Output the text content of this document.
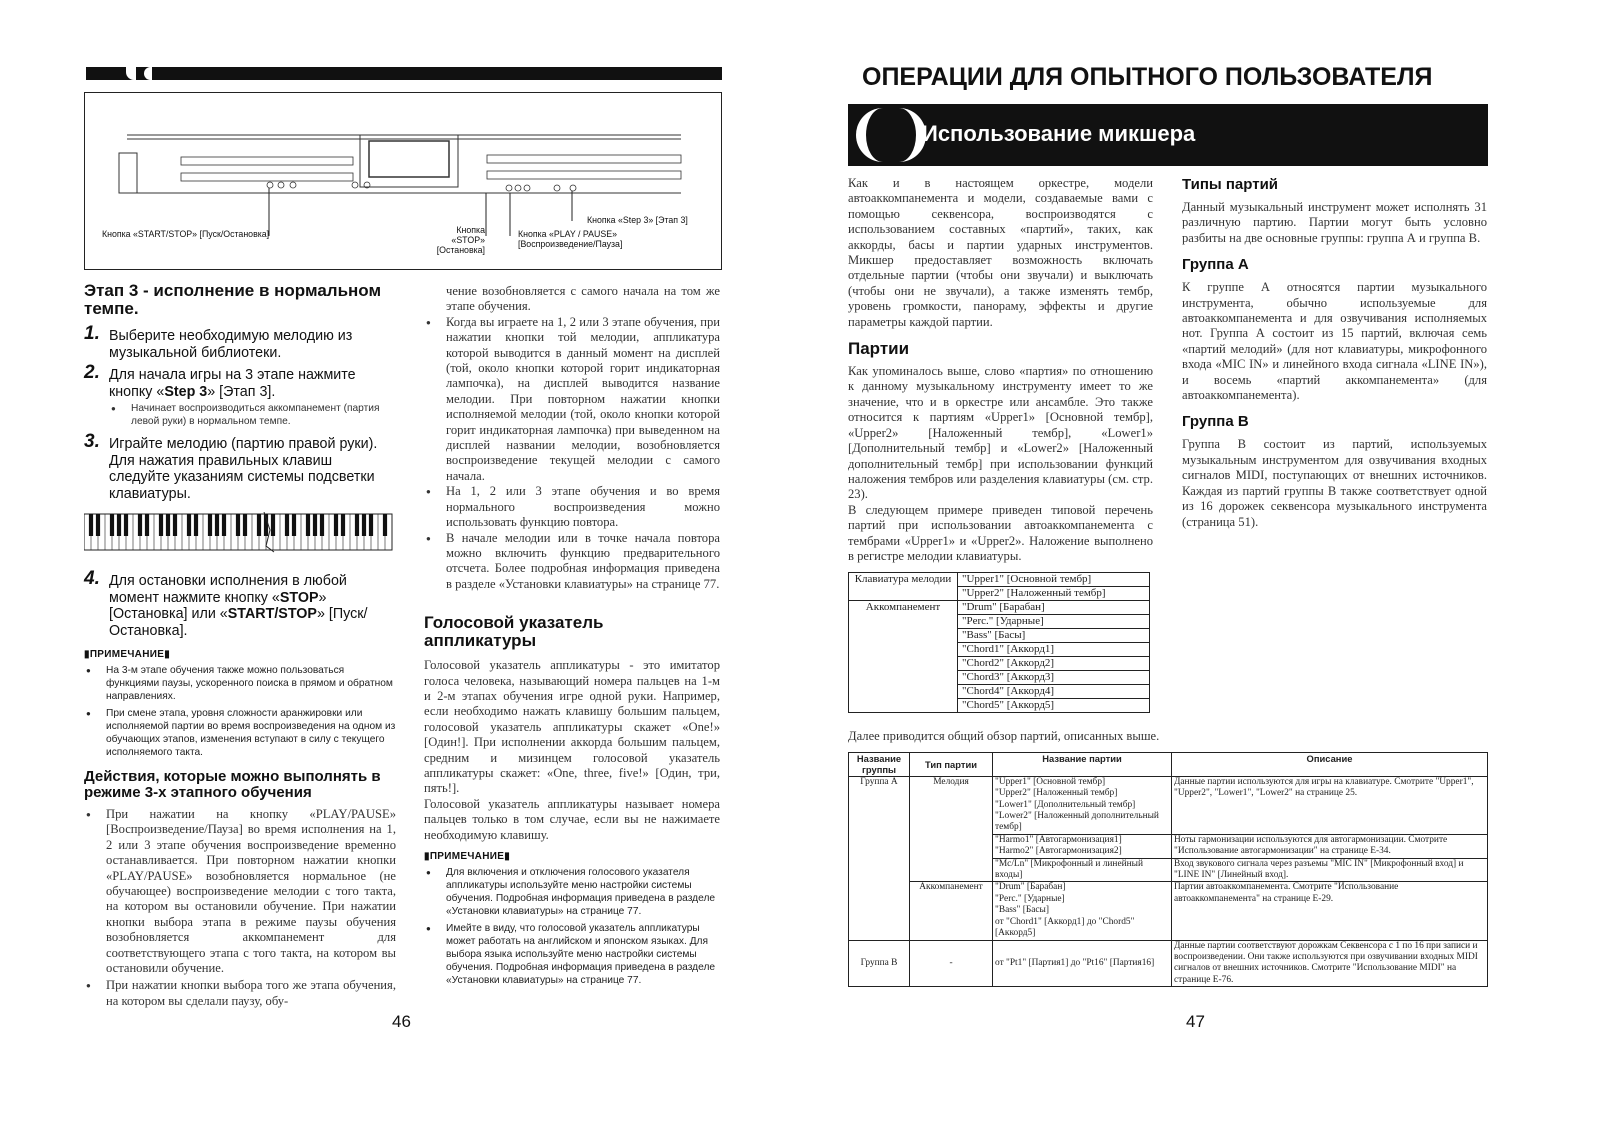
Кнопка «START/STOP» [Пуск/Остановка]	Кнопка «STOP»
[Остановка]
Кнопка «PLAY / PAUSE»
[Воспроизведение/Пауза]
Кнопка «Step 3» [Этап 3]
Этап 3 - исполнение в нормальном темпе.
1. Выберите необходимую мелодию из музыкальной библиотеки.
2. Для начала игры на 3 этапе нажмите кнопку «Step 3» [Этап 3].
● Начинает воспроизводиться аккомпанемент (партия левой руки) в нормальном темпе.
3. Играйте мелодию (партию правой руки). Для нажатия правильных клавиш следуйте указаниям системы подсветки клавиатуры.
4. Для остановки исполнения в любой момент нажмите кнопку «STOP» [Остановка] или «START/STOP» [Пуск/Остановка].
▮ПРИМЕЧАНИЕ▮
● На 3-м этапе обучения также можно пользоваться функциями паузы, ускоренного поиска в прямом и обратном направлениях.
● При смене этапа, уровня сложности аранжировки или исполняемой партии во время воспроизведения на одном из обучающих этапов, изменения вступают в силу с текущего исполняемого такта.
Действия, которые можно выполнять в режиме 3-х этапного обучения
● При нажатии на кнопку «PLAY/PAUSE» [Воспроизведение/Пауза] во время исполнения на 1, 2 или 3 этапе обучения воспроизведение временно останавливается. При повторном нажатии кнопки «PLAY/PAUSE» возобновляется нормальное (не обучающее) воспроизведение мелодии с того такта, на котором вы остановили обучение. При нажатии кнопки выбора этапа в режиме паузы обучения возобновляется аккомпанемент для соответствующего этапа с того такта, на котором вы остановили обучение.
● При нажатии кнопки выбора того же этапа обучения, на котором вы сделали паузу, обу-
чение возобновляется с самого начала на том же этапе обучения.
● Когда вы играете на 1, 2 или 3 этапе обучения, при нажатии кнопки той мелодии, аппликатура которой выводится в данный момент на дисплей (той, около кнопки которой горит индикаторная лампочка), на дисплей выводится название мелодии. При повторном нажатии кнопки исполняемой мелодии (той, около кнопки которой горит индикаторная лампочка) при выведенном на дисплей названии мелодии, возобновляется воспроизведение текущей мелодии с самого начала.
● На 1, 2 или 3 этапе обучения и во время нормального воспроизведения можно использовать функцию повтора.
● В начале мелодии или в точке начала повтора можно включить функцию предварительного отсчета. Более подробная информация приведена в разделе «Установки клавиатуры» на странице 77.
Голосовой указатель аппликатуры
Голосовой указатель аппликатуры - это имитатор голоса человека, называющий номера пальцев на 1-м и 2-м этапах обучения игре одной руки. Например, если необходимо нажать клавишу большим пальцем, голосовой указатель аппликатуры скажет «One!» [Один!]. При исполнении аккорда большим пальцем, средним и мизинцем голосовой указатель аппликатуры скажет: «One, three, five!» [Один, три, пять!].
Голосовой указатель аппликатуры называет номера пальцев только в том случае, если вы не нажимаете необходимую клавишу.
▮ПРИМЕЧАНИЕ▮
● Для включения и отключения голосового указателя аппликатуры используйте меню настройки системы обучения. Подробная информация приведена в разделе «Установки клавиатуры» на странице 77.
● Имейте в виду, что голосовой указатель аппликатуры может работать на английском и японском языках. Для выбора языка используйте меню настройки системы обучения. Подробная информация приведена в разделе «Установки клавиатуры» на странице 77.
46
ОПЕРАЦИИ ДЛЯ ОПЫТНОГО ПОЛЬЗОВАТЕЛЯ
Использование микшера
Как и в настоящем оркестре, модели автоаккомпанемента и модели, создаваемые вами с помощью секвенсора, воспроизводятся с использованием составных «партий», таких, как аккорды, басы и партии ударных инструментов. Микшер предоставляет возможность включать отдельные партии (чтобы они звучали) и выключать (чтобы они не звучали), а также изменять тембр, уровень громкости, панораму, эффекты и другие параметры каждой партии.
Партии
Как упоминалось выше, слово «партия» по отношению к данному музыкальному инструменту имеет то же значение, что и в оркестре или ансамбле. Это также относится к партиям «Upper1» [Основной тембр], «Upper2» [Наложенный тембр], «Lower1» [Дополнительный тембр] и «Lower2» [Наложенный дополнительный тембр] при использовании функций наложения тембров или разделения клавиатуры (см. стр. 23).
В следующем примере приведен типовой перечень партий при использовании автоаккомпанемента с тембрами «Upper1» и «Upper2». Наложение выполнено в регистре мелодии клавиатуры.
Клавиатура мелодии	"Upper1" [Основной тембр]
	"Upper2" [Наложенный тембр]
Аккомпанемент	"Drum" [Барабан]
	"Perc." [Ударные]
	"Bass" [Басы]
	"Chord1" [Аккорд1]
	"Chord2" [Аккорд2]
	"Chord3" [Аккорд3]
	"Chord4" [Аккорд4]
	"Chord5" [Аккорд5]
Далее приводится общий обзор партий, описанных выше.
Типы партий
Данный музыкальный инструмент может исполнять 31 различную партию. Партии могут быть условно разбиты на две основные группы: группа А и группа В.
Группа А
К группе А относятся партии музыкального инструмента, обычно используемые для автоаккомпанемента и для озвучивания исполняемых нот. Группа А состоит из 15 партий, включая семь «партий мелодий» (для нот клавиатуры, микрофонного входа «MIC IN» и линейного входа сигнала «LINE IN»), и восемь «партий аккомпанемента» (для автоаккомпанемента).
Группа В
Группа В состоит из партий, используемых музыкальным инструментом для озвучивания входных сигналов MIDI, поступающих от внешних источников. Каждая из партий группы В также соответствует одной из 16 дорожек секвенсора музыкального инструмента (страница 51).
Название группы	Тип партии	Название партии	Описание
Группа А	Мелодия	"Upper1" [Основной тембр]
"Upper2" [Наложенный тембр]
"Lower1" [Дополнительный тембр]
"Lower2" [Наложенный дополнительный тембр]	Данные партии используются для игры на клавиатуре. Смотрите "Upper1", "Upper2", "Lower1", "Lower2" на странице 25.

		"Harmo1" [Автогармонизация1]
"Harmo2" [Автогармонизация2]	Ноты гармонизации используются для автогармонизации. Смотрите "Использование автогармонизации" на странице E-34.
		"Mc/Ln" [Микрофонный и линейный входы]	Вход звукового сигнала через разъемы "MIC IN" [Микрофонный вход] и "LINE IN" [Линейный вход].
	Аккомпанемент	"Drum" [Барабан]
"Perc." [Ударные]
"Bass" [Басы]
от "Chord1" [Аккорд1] до "Chord5" [Аккорд5]	Партии автоаккомпанемента. Смотрите "Использование автоаккомпанемента" на странице E-29.
Группа В	-	от "Pt1" [Партия1] до "Pt16" [Партия16]	Данные партии соответствуют дорожкам Секвенсора с 1 по 16 при записи и воспроизведении. Они также используются при озвучивании входных MIDI сигналов от внешних источников. Смотрите "Использование MIDI" на странице E-76.
47
